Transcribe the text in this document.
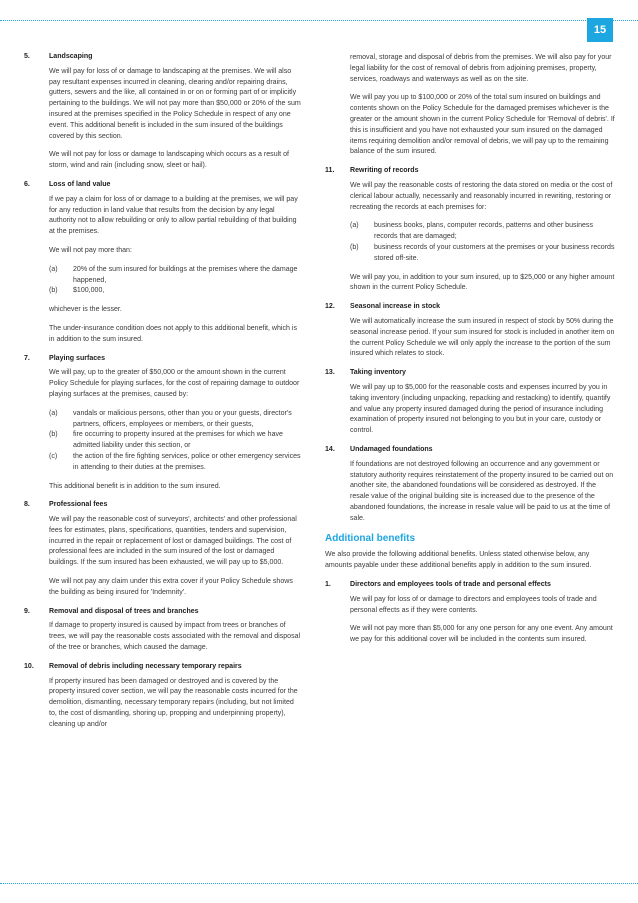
15
5.	Landscaping
We will pay for loss of or damage to landscaping at the premises. We will also pay resultant expenses incurred in cleaning, clearing and/or repairing drains, gutters, sewers and the like, all contained in or on or forming part of or implicitly pertaining to the buildings. We will not pay more than $50,000 or 20% of the sum insured at the premises specified in the Policy Schedule in respect of any one event. This additional benefit is included in the sum insured of the buildings covered by this section.
We will not pay for loss or damage to landscaping which occurs as a result of storm, wind and rain (including snow, sleet or hail).
6.	Loss of land value
If we pay a claim for loss of or damage to a building at the premises, we will pay for any reduction in land value that results from the decision by any legal authority not to allow rebuilding or only to allow partial rebuilding of that building at the premises.
We will not pay more than:
(a)	20% of the sum insured for buildings at the premises where the damage happened,
(b)	$100,000,
whichever is the lesser.
The under-insurance condition does not apply to this additional benefit, which is in addition to the sum insured.
7.	Playing surfaces
We will pay, up to the greater of $50,000 or the amount shown in the current Policy Schedule for playing surfaces, for the cost of repairing damage to outdoor playing surfaces at the premises, caused by:
(a)	vandals or malicious persons, other than you or your guests, director's partners, officers, employees or members, or their guests,
(b)	fire occurring to property insured at the premises for which we have admitted liability under this section, or
(c)	the action of the fire fighting services, police or other emergency services in attending to their duties at the premises.
This additional benefit is in addition to the sum insured.
8.	Professional fees
We will pay the reasonable cost of surveyors', architects' and other professional fees for estimates, plans, specifications, quantities, tenders and supervision, incurred in the repair or replacement of lost or damaged buildings. The cost of professional fees are included in the sum insured of the lost or damaged buildings. If the sum insured has been exhausted, we will pay up to $5,000.
We will not pay any claim under this extra cover if your Policy Schedule shows the building as being insured for 'Indemnity'.
9.	Removal and disposal of trees and branches
If damage to property insured is caused by impact from trees or branches of trees, we will pay the reasonable costs associated with the removal and disposal of the tree or branches, which caused the damage.
10.	Removal of debris including necessary temporary repairs
If property insured has been damaged or destroyed and is covered by the property insured cover section, we will pay the reasonable costs incurred for the demolition, dismantling, necessary temporary repairs (including, but not limited to, the cost of dismantling, shoring up, propping and underpinning property), cleaning up and/or
removal, storage and disposal of debris from the premises. We will also pay for your legal liability for the cost of removal of debris from adjoining premises, property, services, roadways and waterways as well as on the site.
We will pay you up to $100,000 or 20% of the total sum insured on buildings and contents shown on the Policy Schedule for the damaged premises whichever is the greater or the amount shown in the current Policy Schedule for 'Removal of debris'. If this is insufficient and you have not exhausted your sum insured on the damaged items requiring demolition and/or removal of debris, we will pay up to the remaining balance of the sum insured.
11.	Rewriting of records
We will pay the reasonable costs of restoring the data stored on media or the cost of clerical labour actually, necessarily and reasonably incurred in rewriting, restoring or recreating the records at each premises for:
(a)	business books, plans, computer records, patterns and other business records that are damaged;
(b)	business records of your customers at the premises or your business records stored off-site.
We will pay you, in addition to your sum insured, up to $25,000 or any higher amount shown in the current Policy Schedule.
12.	Seasonal increase in stock
We will automatically increase the sum insured in respect of stock by 50% during the seasonal increase period. If your sum insured for stock is included in another item on the current Policy Schedule we will only apply the increase to the portion of the sum insured which relates to stock.
13.	Taking inventory
We will pay up to $5,000 for the reasonable costs and expenses incurred by you in taking inventory (including unpacking, repacking and restacking) to identify, quantify and value any property insured damaged during the period of insurance including examination of property insured not belonging to you but in your care, custody or control.
14.	Undamaged foundations
If foundations are not destroyed following an occurrence and any government or statutory authority requires reinstatement of the property insured to be carried out on another site, the abandoned foundations will be considered as destroyed. If the resale value of the original building site is increased due to the presence of the abandoned foundations, the increase in resale value will be paid to us at the time of sale.
Additional benefits
We also provide the following additional benefits. Unless stated otherwise below, any amounts payable under these additional benefits apply in addition to the sum insured.
1.	Directors and employees tools of trade and personal effects
We will pay for loss of or damage to directors and employees tools of trade and personal effects as if they were contents.
We will not pay more than $5,000 for any one person for any one event. Any amount we pay for this additional cover will be included in the contents sum insured.
